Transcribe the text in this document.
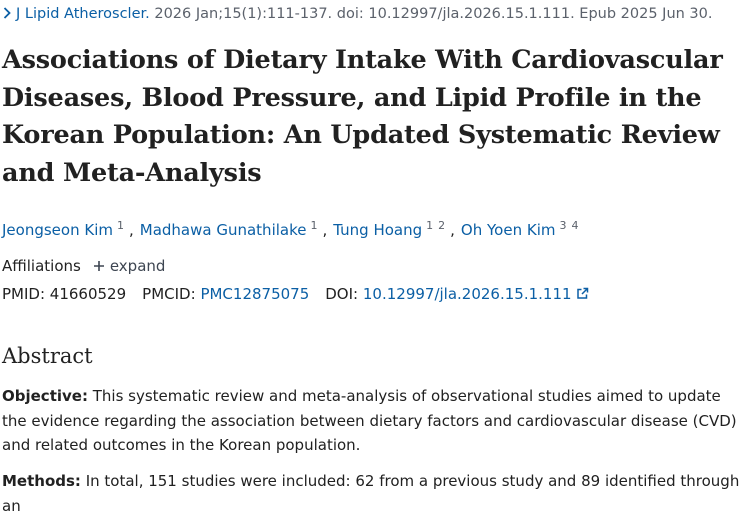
J Lipid Atheroscler. 2026 Jan;15(1):111-137. doi: 10.12997/jla.2026.15.1.111. Epub 2025 Jun 30.
Associations of Dietary Intake With Cardiovascular Diseases, Blood Pressure, and Lipid Profile in the Korean Population: An Updated Systematic Review and Meta-Analysis
Jeongseon Kim $^1$ , Madhawa Gunathilake $^1$ , Tung Hoang $^{1 2}$ , Oh Yoen Kim $^{3 4}$
Affiliations expand
PMID: 41660529 PMCID: PMC12875075 DOI: 10.12997/jla.2026.15.1.111
Abstract

Objective: This systematic review and meta-analysis of observational studies aimed to update the evidence regarding the association between dietary factors and cardiovascular disease (CVD) and related outcomes in the Korean population.

Methods: In total, 151 studies were included: 62 from a previous study and 89 identified through an
